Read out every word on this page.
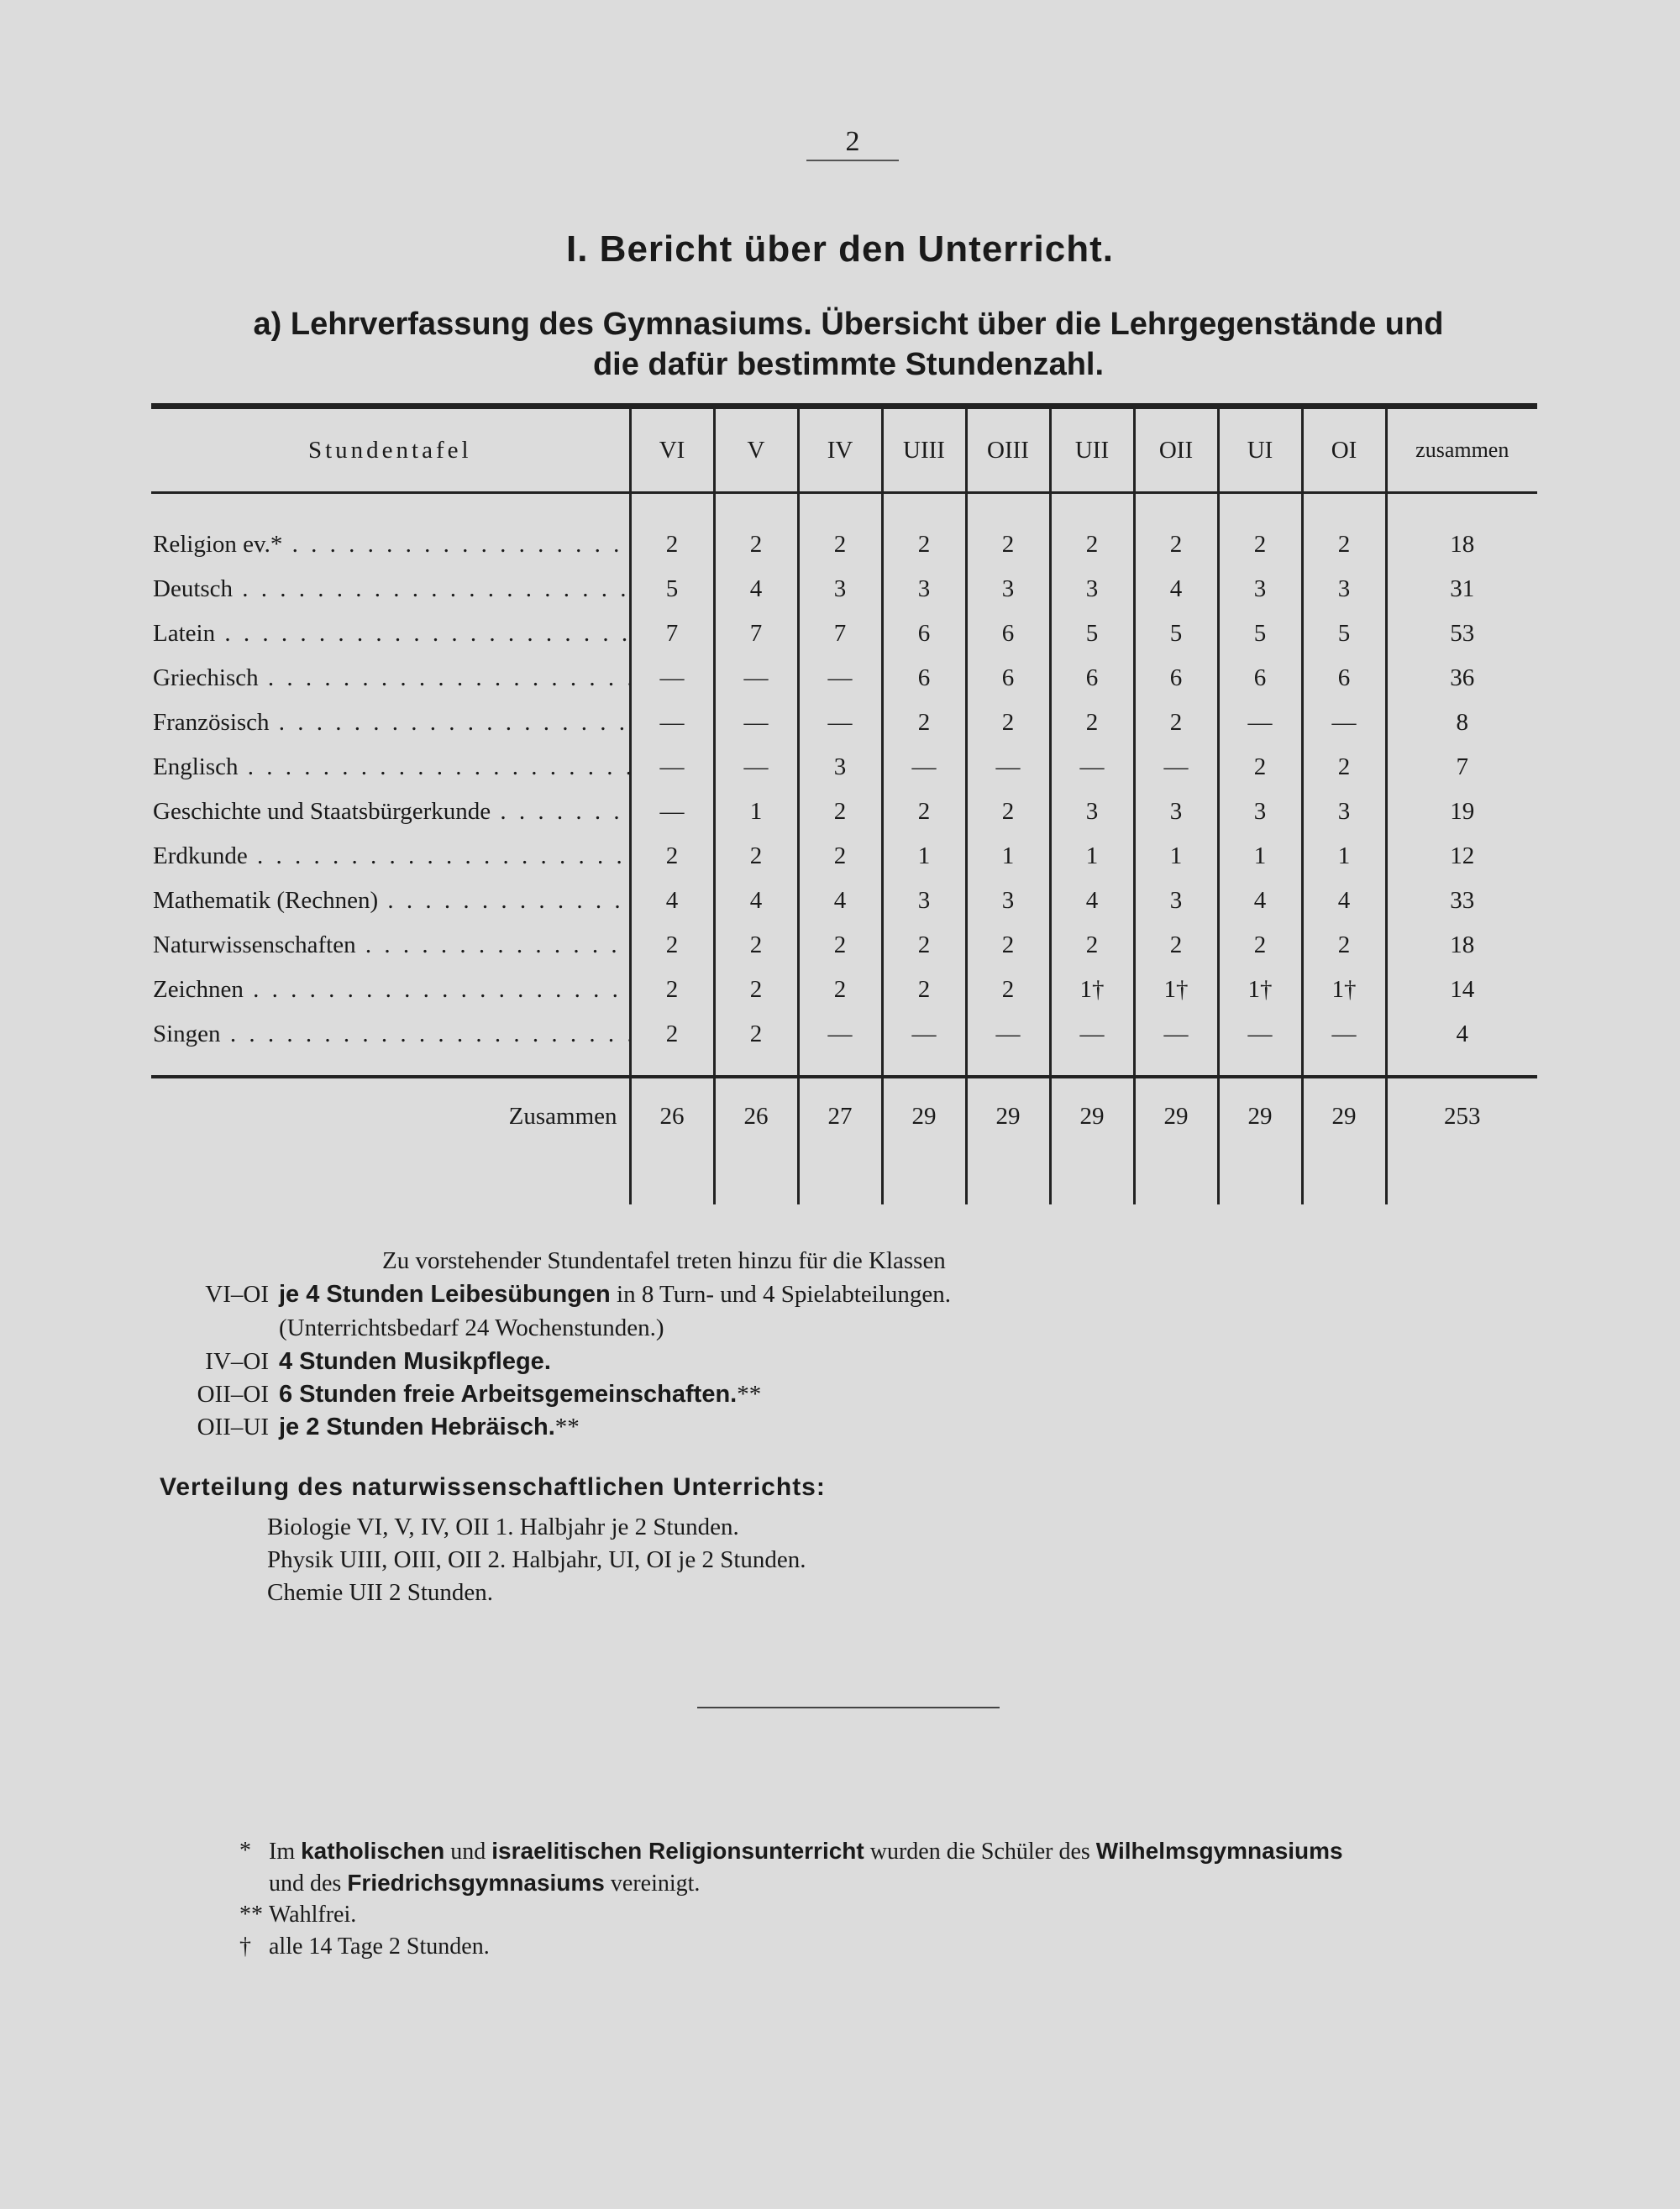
2
I. Bericht über den Unterricht.
a) Lehrverfassung des Gymnasiums. Übersicht über die Lehrgegenstände und
die dafür bestimmte Stundenzahl.
Stundentafel	VI	V	IV	UIII	OIII	UII	OII	UI	OI	zusammen

Religion ev.* . . .	2	2	2	2	2	2	2	2	2	18
Deutsch . . .	5	4	3	3	3	3	4	3	3	31
Latein . . .	7	7	7	6	6	5	5	5	5	53
Griechisch . . .	—	—	—	6	6	6	6	6	6	36
Französisch . . .	—	—	—	2	2	2	2	—	—	8
Englisch . . .	—	—	3	—	—	—	—	2	2	7
Geschichte und Staatsbürgerkunde . . .	—	1	2	2	2	3	3	3	3	19
Erdkunde . . .	2	2	2	1	1	1	1	1	1	12
Mathematik (Rechnen) . . .	4	4	4	3	3	4	3	4	4	33
Naturwissenschaften . . .	2	2	2	2	2	2	2	2	2	18
Zeichnen . . .	2	2	2	2	2	1†	1†	1†	1†	14
Singen . . .	2	2	—	—	—	—	—	—	—	4

Zusammen	26	26	27	29	29	29	29	29	29	253

Zu vorstehender Stundentafel treten hinzu für die Klassen
VI–OI je 4 Stunden Leibesübungen in 8 Turn- und 4 Spielabteilungen.
(Unterrichtsbedarf 24 Wochenstunden.)
IV–OI 4 Stunden Musikpflege.
OII–OI 6 Stunden freie Arbeitsgemeinschaften.**
OII–UI je 2 Stunden Hebräisch.**
Verteilung des naturwissenschaftlichen Unterrichts:
Biologie VI, V, IV, OII 1. Halbjahr je 2 Stunden.
Physik UIII, OIII, OII 2. Halbjahr, UI, OI je 2 Stunden.
Chemie UII 2 Stunden.
* Im katholischen und israelitischen Religionsunterricht wurden die Schüler des Wilhelmsgymnasiums
und des Friedrichsgymnasiums vereinigt.
** Wahlfrei.
† alle 14 Tage 2 Stunden.
